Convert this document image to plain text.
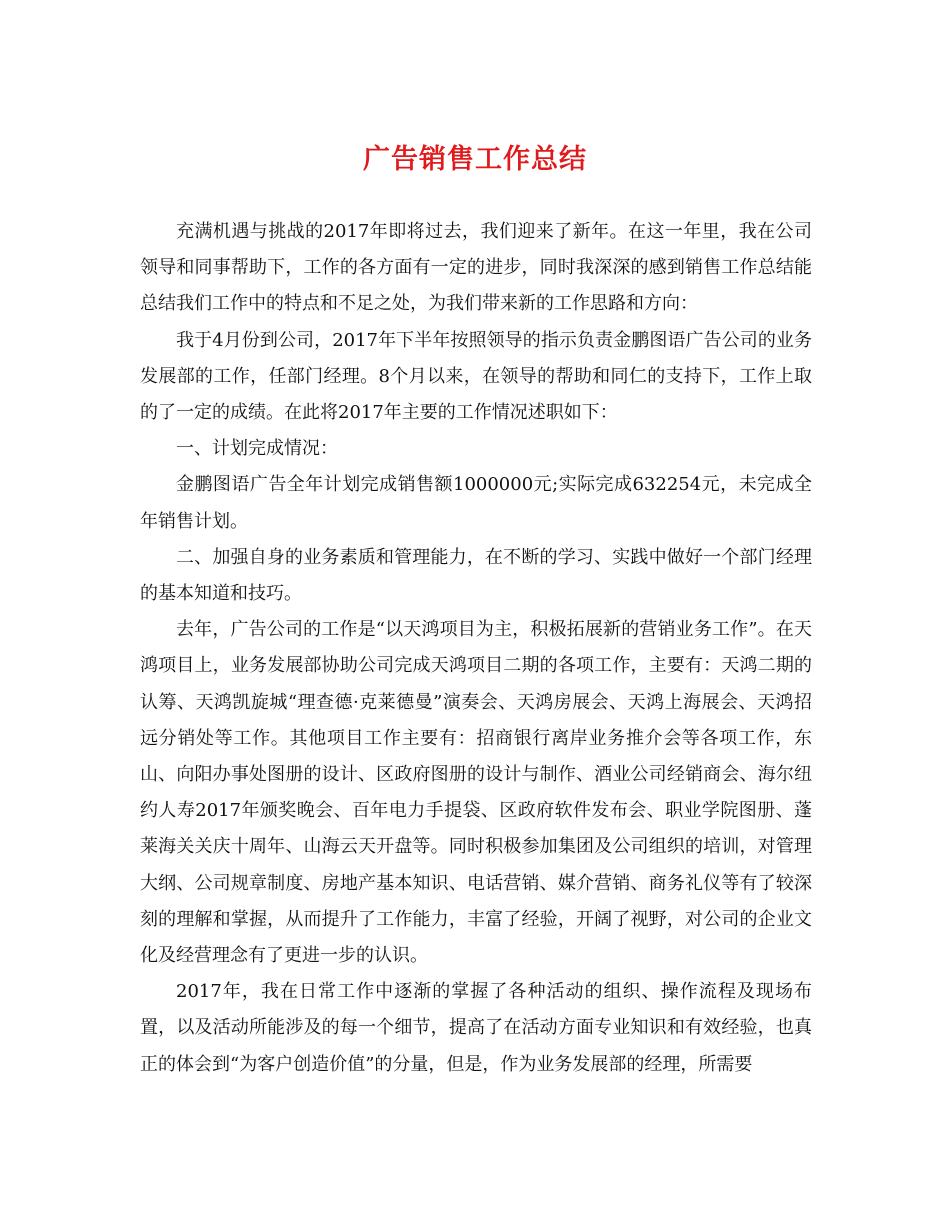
广告销售工作总结

充满机遇与挑战的2017年即将过去，我们迎来了新年。在这一年里，我在公司领导和同事帮助下，工作的各方面有一定的进步，同时我深深的感到销售工作总结能总结我们工作中的特点和不足之处，为我们带来新的工作思路和方向：

我于4月份到公司，2017年下半年按照领导的指示负责金鹏图语广告公司的业务发展部的工作，任部门经理。8个月以来，在领导的帮助和同仁的支持下，工作上取的了一定的成绩。在此将2017年主要的工作情况述职如下：

一、计划完成情况：

金鹏图语广告全年计划完成销售额1000000元;实际完成632254元，未完成全年销售计划。

二、加强自身的业务素质和管理能力，在不断的学习、实践中做好一个部门经理的基本知道和技巧。

去年，广告公司的工作是“以天鸿项目为主，积极拓展新的营销业务工作”。在天鸿项目上，业务发展部协助公司完成天鸿项目二期的各项工作，主要有：天鸿二期的认筹、天鸿凯旋城“理查德·克莱德曼”演奏会、天鸿房展会、天鸿上海展会、天鸿招远分销处等工作。其他项目工作主要有：招商银行离岸业务推介会等各项工作，东山、向阳办事处图册的设计、区政府图册的设计与制作、酒业公司经销商会、海尔纽约人寿2017年颁奖晚会、百年电力手提袋、区政府软件发布会、职业学院图册、蓬莱海关关庆十周年、山海云天开盘等。同时积极参加集团及公司组织的培训，对管理大纲、公司规章制度、房地产基本知识、电话营销、媒介营销、商务礼仪等有了较深刻的理解和掌握，从而提升了工作能力，丰富了经验，开阔了视野，对公司的企业文化及经营理念有了更进一步的认识。

2017年，我在日常工作中逐渐的掌握了各种活动的组织、操作流程及现场布置，以及活动所能涉及的每一个细节，提高了在活动方面专业知识和有效经验，也真正的体会到“为客户创造价值”的分量，但是，作为业务发展部的经理，所需要
